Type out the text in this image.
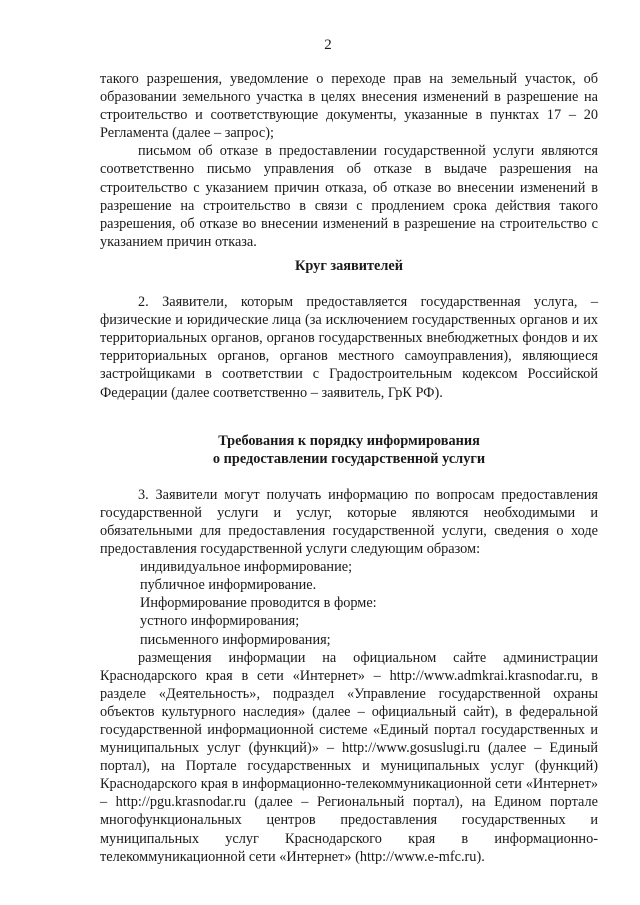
2

такого разрешения, уведомление о переходе прав на земельный участок, об образовании земельного участка в целях внесения изменений в разрешение на строительство и соответствующие документы, указанные в пунктах 17 – 20 Регламента (далее – запрос);

письмом об отказе в предоставлении государственной услуги являются соответственно письмо управления об отказе в выдаче разрешения на строительство с указанием причин отказа, об отказе во внесении изменений в разрешение на строительство в связи с продлением срока действия такого разрешения, об отказе во внесении изменений в разрешение на строительство с указанием причин отказа.

Круг заявителей

2. Заявители, которым предоставляется государственная услуга, – физические и юридические лица (за исключением государственных органов и их территориальных органов, органов государственных внебюджетных фондов и их территориальных органов, органов местного самоуправления), являющиеся застройщиками в соответствии с Градостроительным кодексом Российской Федерации (далее соответственно – заявитель, ГрК РФ).

Требования к порядку информирования

о предоставлении государственной услуги

3. Заявители могут получать информацию по вопросам предоставления государственной услуги и услуг, которые являются необходимыми и обязательными для предоставления государственной услуги, сведения о ходе предоставления государственной услуги следующим образом:

индивидуальное информирование;

публичное информирование.

Информирование проводится в форме:

устного информирования;

письменного информирования;

размещения информации на официальном сайте администрации Краснодарского края в сети «Интернет» – http://www.admkrai.krasnodar.ru, в разделе «Деятельность», подраздел «Управление государственной охраны объектов культурного наследия» (далее – официальный сайт), в федеральной государственной информационной системе «Единый портал государственных и муниципальных услуг (функций)» – http://www.gosuslugi.ru (далее – Единый портал), на Портале государственных и муниципальных услуг (функций) Краснодарского края в информационно-телекоммуникационной сети «Интернет» – http://pgu.krasnodar.ru (далее – Региональный портал), на Едином портале многофункциональных центров предоставления государственных и муниципальных услуг Краснодарского края в информационно-телекоммуникационной сети «Интернет» (http://www.e-mfc.ru).
